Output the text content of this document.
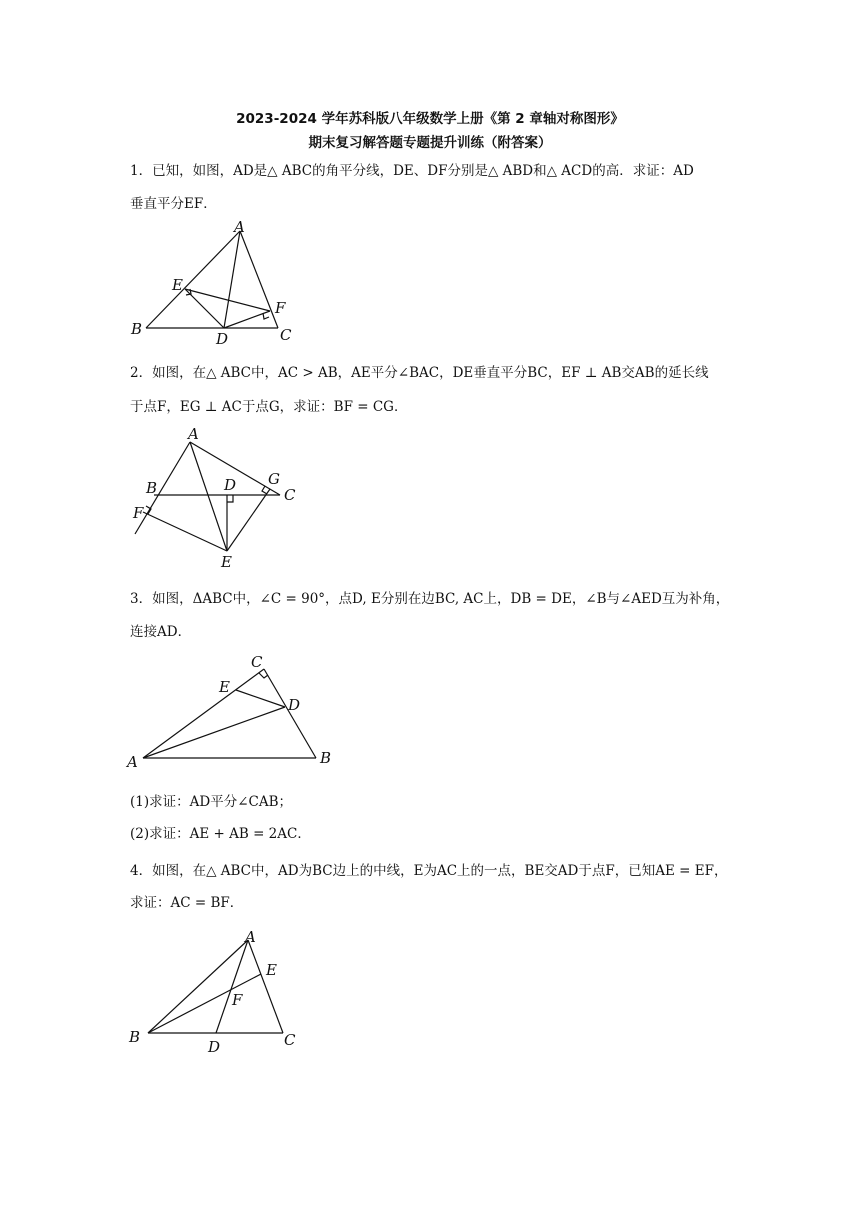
2023-2024 学年苏科版八年级数学上册《第 2 章轴对称图形》
期末复习解答题专题提升训练（附答案）
1．已知，如图，AD是△ ABC的角平分线，DE、DF分别是△ ABD和△ ACD的高．求证：AD
垂直平分EF．
A
B	C
D
E
F
2．如图，在△ ABC中，AC > AB，AE平分∠BAC，DE垂直平分BC，EF ⊥ AB交AB的延长线
于点F，EG ⊥ AC于点G，求证：BF = CG．
A
B	C
D
E
F
G
3．如图，ΔABC中，∠C = 90°，点D, E分别在边BC, AC上，DB = DE，∠B与∠AED互为补角，
连接AD．
A	B
C
D
E
(1)求证：AD平分∠CAB；
(2)求证：AE + AB = 2AC．
4．如图，在△ ABC中，AD为BC边上的中线，E为AC上的一点，BE交AD于点F，已知AE = EF，
求证：AC = BF．
A
B	C
D
E
F
